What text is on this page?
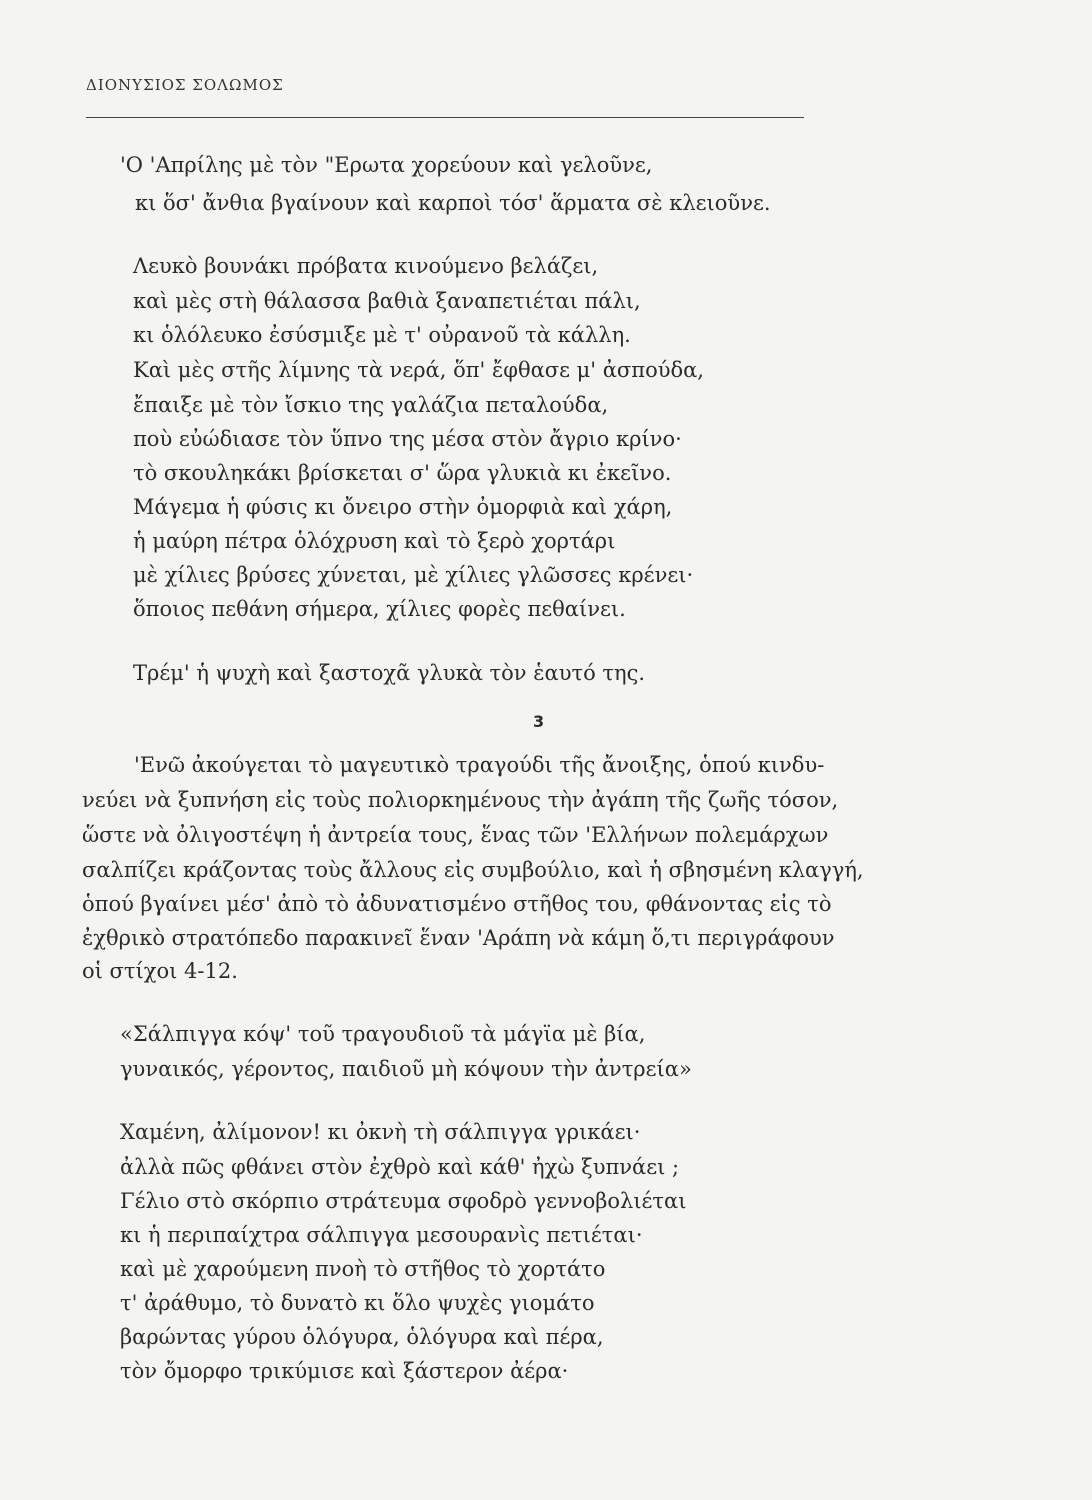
ΔΙΟΝΥΣΙΟΣ ΣΟΛΩΜΟΣ
'Ο 'Απρίλης μὲ τὸν "Ερωτα χορεύουν καὶ γελοῦνε,
κι ὅσ' ἄνθια βγαίνουν καὶ καρποὶ τόσ' ἅρματα σὲ κλειοῦνε.
Λευκὸ βουνάκι πρόβατα κινούμενο βελάζει,
καὶ μὲς στὴ θάλασσα βαθιὰ ξαναπετιέται πάλι,
κι ὁλόλευκο ἐσύσμιξε μὲ τ' οὐρανοῦ τὰ κάλλη.
Καὶ μὲς στῆς λίμνης τὰ νερά, ὅπ' ἔφθασε μ' ἀσπούδα,
ἔπαιξε μὲ τὸν ἴσκιο της γαλάζια πεταλούδα,
ποὺ εὐώδιασε τὸν ὕπνο της μέσα στὸν ἄγριο κρίνο·
τὸ σκουληκάκι βρίσκεται σ' ὥρα γλυκιὰ κι ἐκεῖνο.
Μάγεμα ἡ φύσις κι ὄνειρο στὴν ὀμορφιὰ καὶ χάρη,
ἡ μαύρη πέτρα ὁλόχρυση καὶ τὸ ξερὸ χορτάρι
μὲ χίλιες βρύσες χύνεται, μὲ χίλιες γλῶσσες κρένει·
ὅποιος πεθάνη σήμερα, χίλιες φορὲς πεθαίνει.
Τρέμ' ἡ ψυχὴ καὶ ξαστοχᾶ γλυκὰ τὸν ἑαυτό της.
3
'Ενῶ ἀκούγεται τὸ μαγευτικὸ τραγούδι τῆς ἄνοιξης, ὁπού κινδυ-
νεύει νὰ ξυπνήση εἰς τοὺς πολιορκημένους τὴν ἀγάπη τῆς ζωῆς τόσον,
ὥστε νὰ ὀλιγοστέψη ἡ ἀντρεία τους, ἕνας τῶν 'Ελλήνων πολεμάρχων
σαλπίζει κράζοντας τοὺς ἄλλους εἰς συμβούλιο, καὶ ἡ σβησμένη κλαγγή,
ὁπού βγαίνει μέσ' ἀπὸ τὸ ἀδυνατισμένο στῆθος του, φθάνοντας εἰς τὸ
ἐχθρικὸ στρατόπεδο παρακινεῖ ἕναν 'Αράπη νὰ κάμη ὅ,τι περιγράφουν
οἱ στίχοι 4-12.
«Σάλπιγγα κόψ' τοῦ τραγουδιοῦ τὰ μάγϊα μὲ βία,
γυναικός, γέροντος, παιδιοῦ μὴ κόψουν τὴν ἀντρεία»
Χαμένη, ἀλίμονον! κι ὀκνὴ τὴ σάλπιγγα γρικάει·
ἀλλὰ πῶς φθάνει στὸν ἐχθρὸ καὶ κάθ' ἠχὼ ξυπνάει ;
Γέλιο στὸ σκόρπιο στράτευμα σφοδρὸ γεννοβολιέται
κι ἡ περιπαίχτρα σάλπιγγα μεσουρανὶς πετιέται·
καὶ μὲ χαρούμενη πνοὴ τὸ στῆθος τὸ χορτάτο
τ' ἀράθυμο, τὸ δυνατὸ κι ὅλο ψυχὲς γιομάτο
βαρώντας γύρου ὁλόγυρα, ὁλόγυρα καὶ πέρα,
τὸν ὄμορφο τρικύμισε καὶ ξάστερον ἀέρα·
